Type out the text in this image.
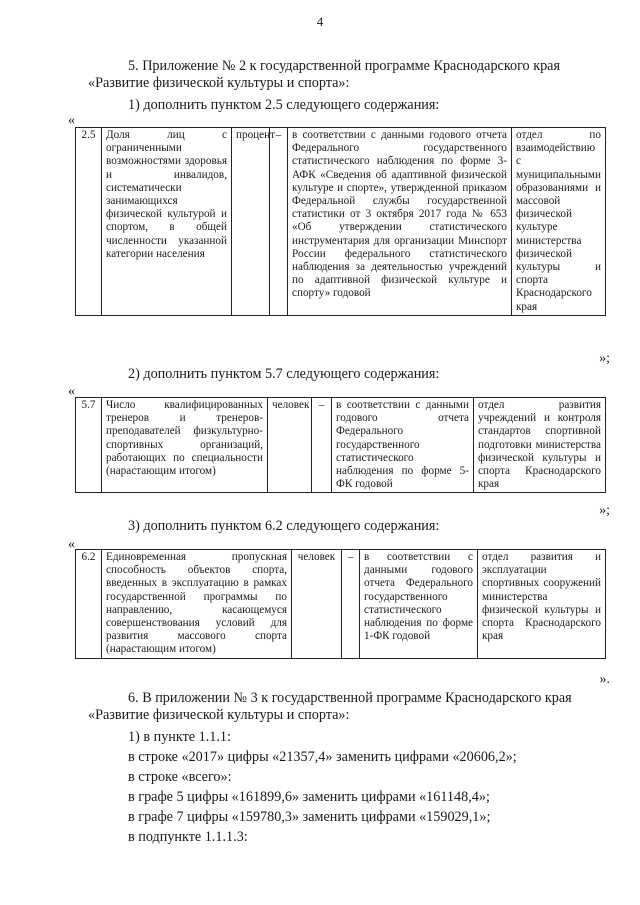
4

5. Приложение № 2 к государственной программе Краснодарского края «Развитие физической культуры и спорта»:

1) дополнить пунктом 2.5 следующего содержания:

«
2.5	Доля лиц с ограниченными возможностями здоровья и инвалидов, систематически занимающихся физической культурой и спортом, в общей численности указанной категории населения	процент	–	в соответствии с данными годового отчета Федерального государственного статистического наблюдения по форме 3-АФК «Сведения об адаптивной физической культуре и спорте», утвержденной приказом Федеральной службы государственной статистики от 3 октября 2017 года № 653 «Об утверждении статистического инструментария для организации Минспорт России федерального статистического наблюдения за деятельностью учреждений по адаптивной физической культуре и спорту» годовой	отдел по взаимодействию с муниципальными образованиями и массовой физической культуре министерства физической культуры и спорта Краснодарского края
»;

2) дополнить пунктом 5.7 следующего содержания:

«
5.7	Число квалифицированных тренеров и тренеров-преподавателей физкультурно-спортивных организаций, работающих по специальности (нарастающим итогом)	человек	–	в соответствии с данными годового отчета Федерального государственного статистического наблюдения по форме 5-ФК годовой	отдел развития учреждений и контроля стандартов спортивной подготовки министерства физической культуры и спорта Краснодарского края
»;

3) дополнить пунктом 6.2 следующего содержания:

«
6.2	Единовременная пропускная способность объектов спорта, введенных в эксплуатацию в рамках государственной программы по направлению, касающемуся совершенствования условий для развития массового спорта (нарастающим итогом)	человек	–	в соответствии с данными годового отчета Федерального государственного статистического наблюдения по форме 1-ФК годовой	отдел развития и эксплуатации спортивных сооружений министерства физической культуры и спорта Краснодарского края
».

6. В приложении № 3 к государственной программе Краснодарского края «Развитие физической культуры и спорта»:

1) в пункте 1.1.1:

в строке «2017» цифры «21357,4» заменить цифрами «20606,2»;

в строке «всего»:

в графе 5 цифры «161899,6» заменить цифрами «161148,4»;

в графе 7 цифры «159780,3» заменить цифрами «159029,1»;

в подпункте 1.1.1.3:
